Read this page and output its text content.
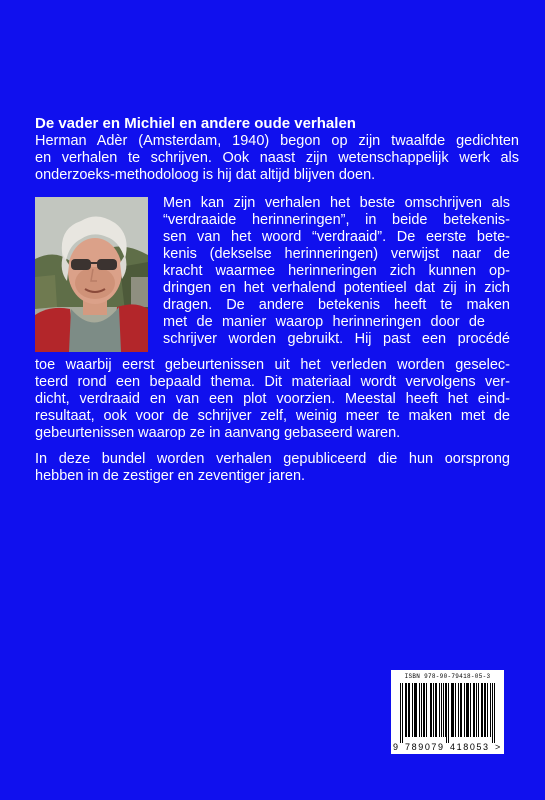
De vader en Michiel en andere oude verhalen
Herman Adèr (Amsterdam, 1940) begon op zijn twaalfde gedichten
en verhalen te schrijven. Ook naast zijn wetenschappelijk werk als
onderzoeks-methodoloog is hij dat altijd blijven doen.
Men kan zijn verhalen het beste omschrijven als
“verdraaide herinneringen”, in beide betekenis-
sen van het woord “verdraaid”. De eerste bete-
kenis (dekselse herinneringen) verwijst naar de
kracht waarmee herinneringen zich kunnen op-
dringen en het verhalend potentieel dat zij in zich
dragen. De andere betekenis heeft te maken
met de manier waarop herinneringen door de
schrijver worden gebruikt. Hij past een procédé
toe waarbij eerst gebeurtenissen uit het verleden worden geselec-
teerd rond een bepaald thema. Dit materiaal wordt vervolgens ver-
dicht, verdraaid en van een plot voorzien. Meestal heeft het eind-
resultaat, ook voor de schrijver zelf, weinig meer te maken met de
gebeurtenissen waarop ze in aanvang gebaseerd waren.
In deze bundel worden verhalen gepubliceerd die hun oorsprong
hebben in de zestiger en zeventiger jaren.
ISBN 978-90-79418-05-3
9 789079 418053 >
